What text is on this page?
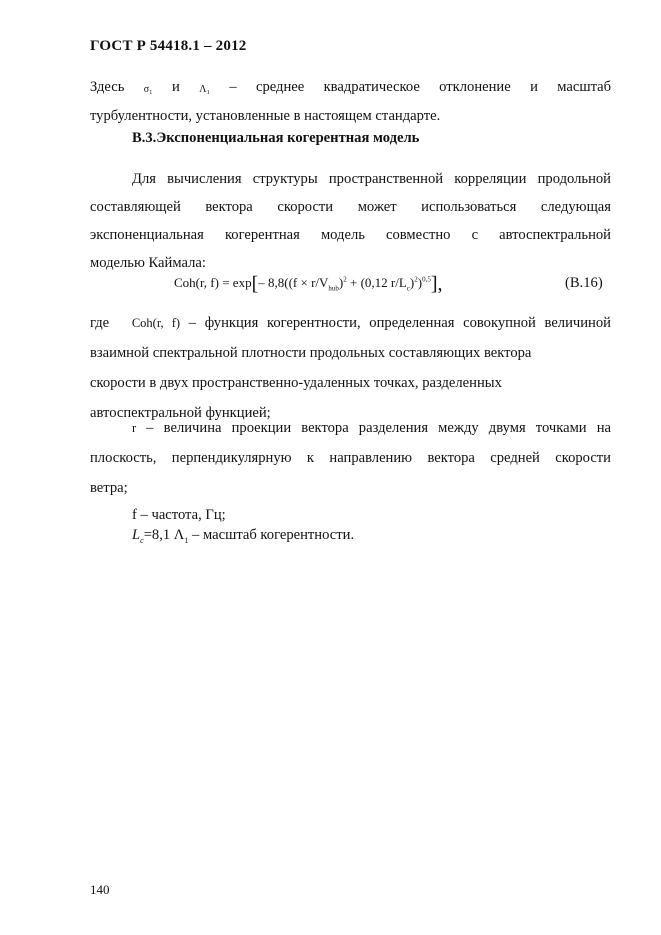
ГОСТ Р 54418.1 – 2012
Здесь σ₁ и Λ₁ – среднее квадратическое отклонение и масштаб
турбулентности, установленные в настоящем стандарте.
В.3.Экспоненциальная когерентная модель
Для вычисления структуры пространственной корреляции продольной
составляющей вектора скорости может использоваться следующая
экспоненциальная когерентная модель совместно с автоспектральной
моделью Каймала:
Coh(r, f) = exp[– $8,8((f \times r/V_{hub})^2 + (0,12$ $r/L_c)^2)^{0,5}$],	(В.16)
где Coh(r, f) – функция когерентности, определенная совокупной величиной
взаимной спектральной плотности продольных составляющих вектора
скорости в двух пространственно-удаленных точках, разделенных
автоспектральной функцией;
r – величина проекции вектора разделения между двумя точками на
плоскость, перпендикулярную к направлению вектора средней скорости
ветра;
f – частота, Гц;
$L_c=8,1$ $\Lambda_1$ – масштаб когерентности.
140
